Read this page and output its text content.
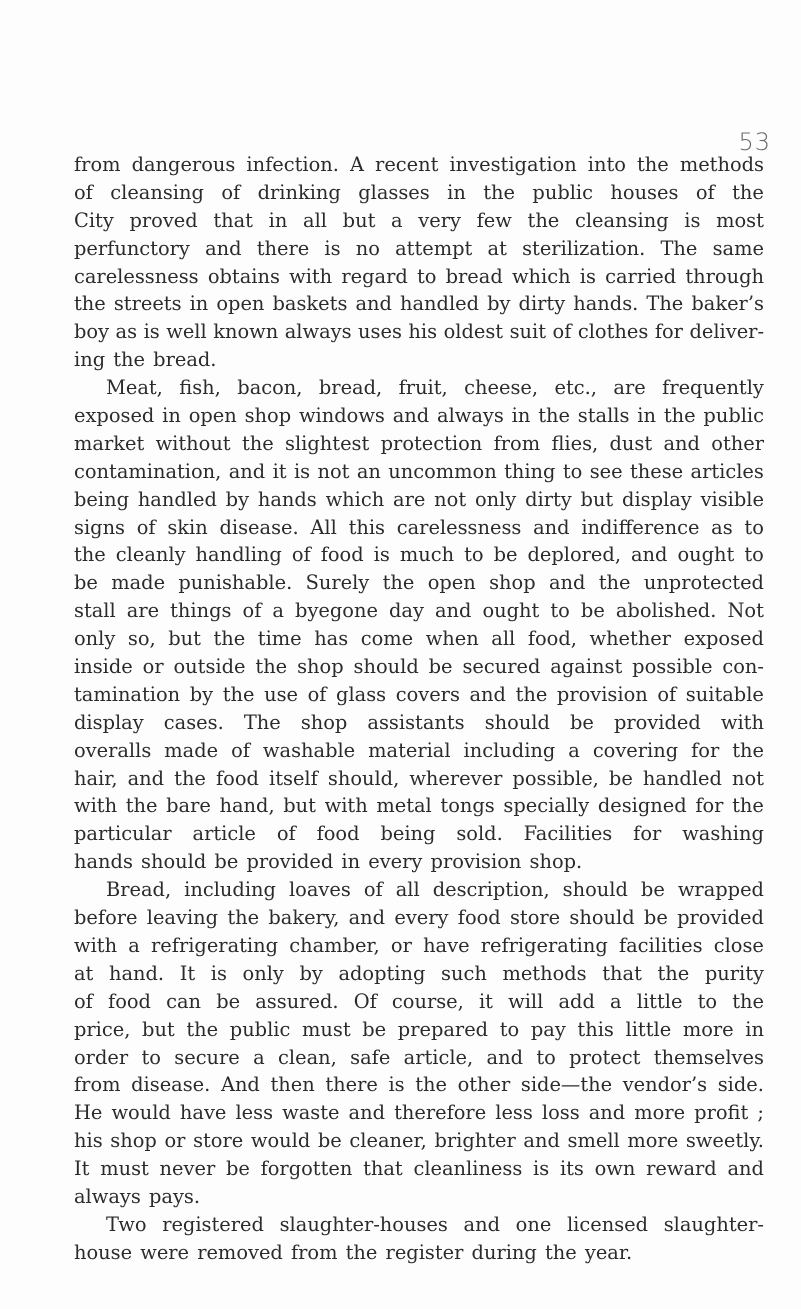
53
from dangerous infection. A recent investigation into the methods
of cleansing of drinking glasses in the public houses of the
City proved that in all but a very few the cleansing is most
perfunctory and there is no attempt at sterilization. The same
carelessness obtains with regard to bread which is carried through
the streets in open baskets and handled by dirty hands. The baker’s
boy as is well known always uses his oldest suit of clothes for deliver-
ing the bread.
Meat, fish, bacon, bread, fruit, cheese, etc., are frequently
exposed in open shop windows and always in the stalls in the public
market without the slightest protection from flies, dust and other
contamination, and it is not an uncommon thing to see these articles
being handled by hands which are not only dirty but display visible
signs of skin disease. All this carelessness and indifference as to
the cleanly handling of food is much to be deplored, and ought to
be made punishable. Surely the open shop and the unprotected
stall are things of a byegone day and ought to be abolished. Not
only so, but the time has come when all food, whether exposed
inside or outside the shop should be secured against possible con-
tamination by the use of glass covers and the provision of suitable
display cases. The shop assistants should be provided with
overalls made of washable material including a covering for the
hair, and the food itself should, wherever possible, be handled not
with the bare hand, but with metal tongs specially designed for the
particular article of food being sold. Facilities for washing
hands should be provided in every provision shop.
Bread, including loaves of all description, should be wrapped
before leaving the bakery, and every food store should be provided
with a refrigerating chamber, or have refrigerating facilities close
at hand. It is only by adopting such methods that the purity
of food can be assured. Of course, it will add a little to the
price, but the public must be prepared to pay this little more in
order to secure a clean, safe article, and to protect themselves
from disease. And then there is the other side—the vendor’s side.
He would have less waste and therefore less loss and more profit ;
his shop or store would be cleaner, brighter and smell more sweetly.
It must never be forgotten that cleanliness is its own reward and
always pays.
Two registered slaughter-houses and one licensed slaughter-
house were removed from the register during the year.
